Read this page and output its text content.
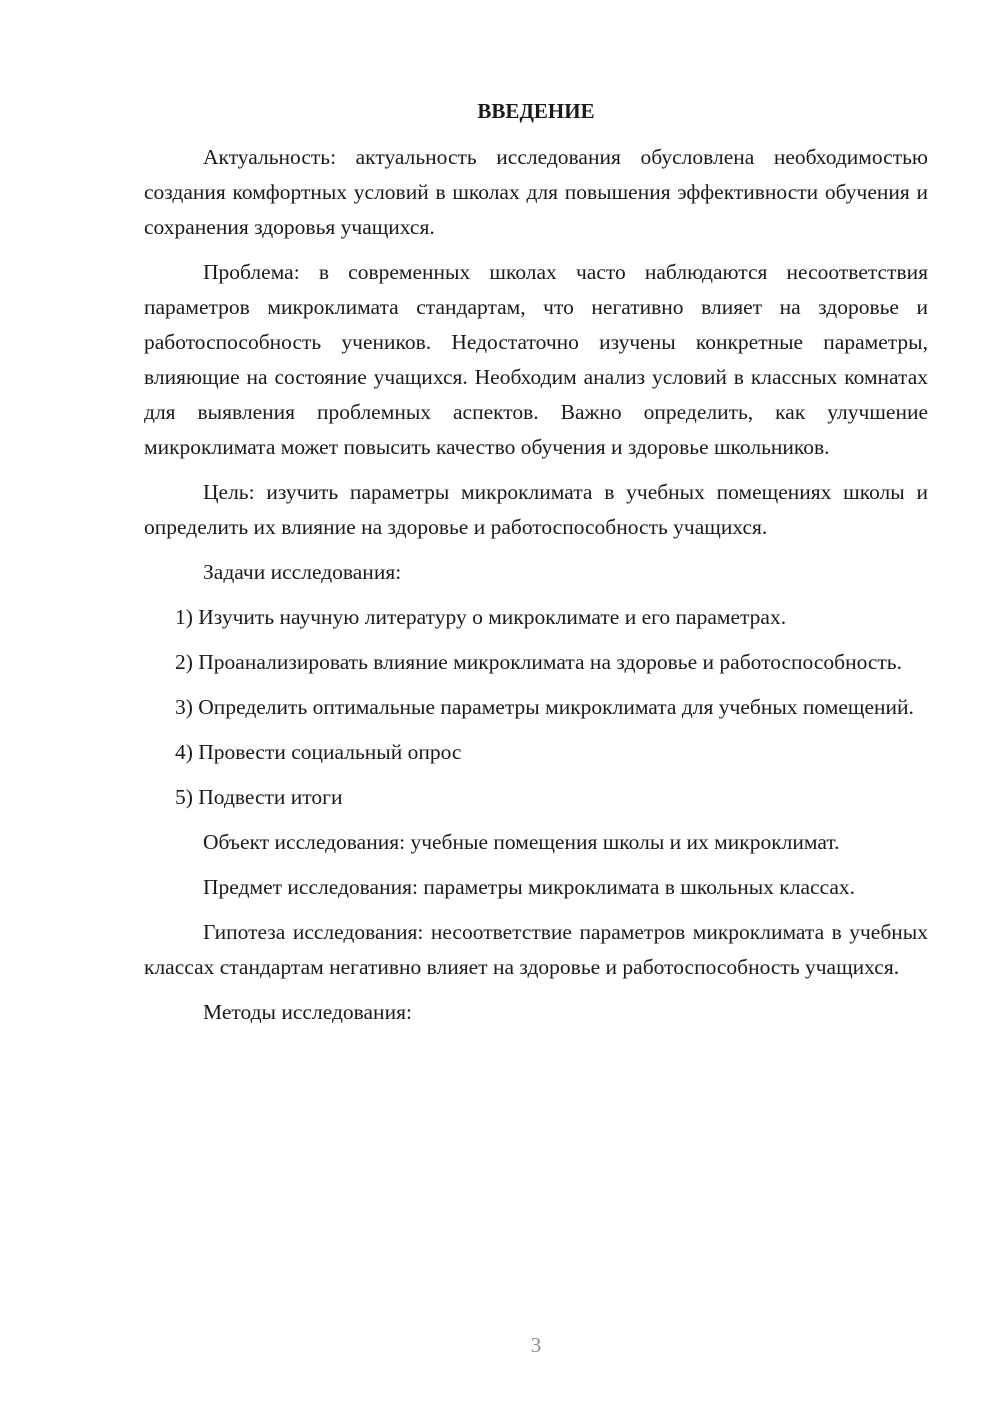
ВВЕДЕНИЕ
Актуальность: актуальность исследования обусловлена необходимостью создания комфортных условий в школах для повышения эффективности обучения и сохранения здоровья учащихся.
Проблема: в современных школах часто наблюдаются несоответствия параметров микроклимата стандартам, что негативно влияет на здоровье и работоспособность учеников. Недостаточно изучены конкретные параметры, влияющие на состояние учащихся. Необходим анализ условий в классных комнатах для выявления проблемных аспектов. Важно определить, как улучшение микроклимата может повысить качество обучения и здоровье школьников.
Цель: изучить параметры микроклимата в учебных помещениях школы и определить их влияние на здоровье и работоспособность учащихся.
Задачи исследования:
1) Изучить научную литературу о микроклимате и его параметрах.
2) Проанализировать влияние микроклимата на здоровье и работоспособность.
3) Определить оптимальные параметры микроклимата для учебных помещений.
4) Провести социальный опрос
5) Подвести итоги
Объект исследования: учебные помещения школы и их микроклимат.
Предмет исследования: параметры микроклимата в школьных классах.
Гипотеза исследования: несоответствие параметров микроклимата в учебных классах стандартам негативно влияет на здоровье и работоспособность учащихся.
Методы исследования:
3
